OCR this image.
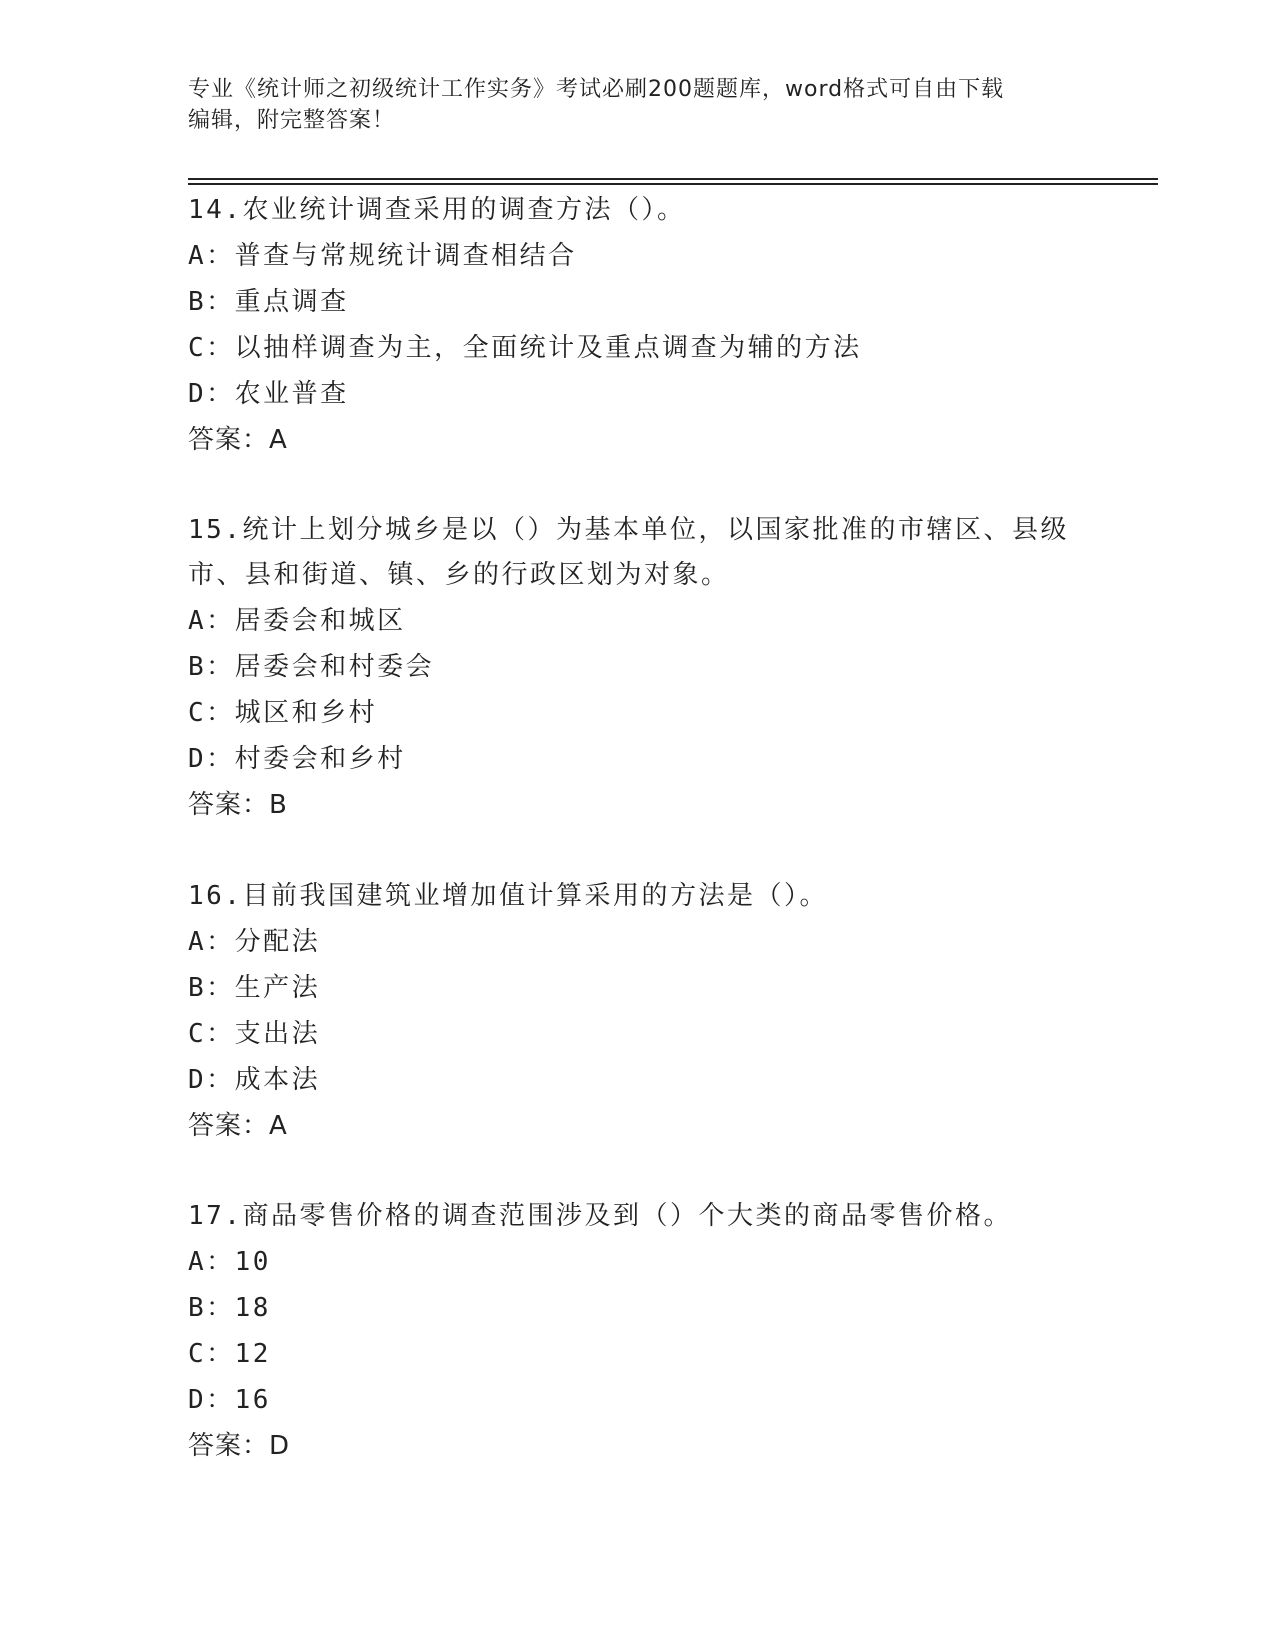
专业《统计师之初级统计工作实务》考试必刷200题题库，word格式可自由下载
编辑，附完整答案！

14.农业统计调查采用的调查方法（）。

A：普查与常规统计调查相结合

B：重点调查

C：以抽样调查为主，全面统计及重点调查为辅的方法

D：农业普查

答案：A

15.统计上划分城乡是以（）为基本单位，以国家批准的市辖区、县级

市、县和街道、镇、乡的行政区划为对象。

A：居委会和城区

B：居委会和村委会

C：城区和乡村

D：村委会和乡村

答案：B

16.目前我国建筑业增加值计算采用的方法是（）。

A：分配法

B：生产法

C：支出法

D：成本法

答案：A

17.商品零售价格的调查范围涉及到（）个大类的商品零售价格。

A：10

B：18

C：12

D：16

答案：D
